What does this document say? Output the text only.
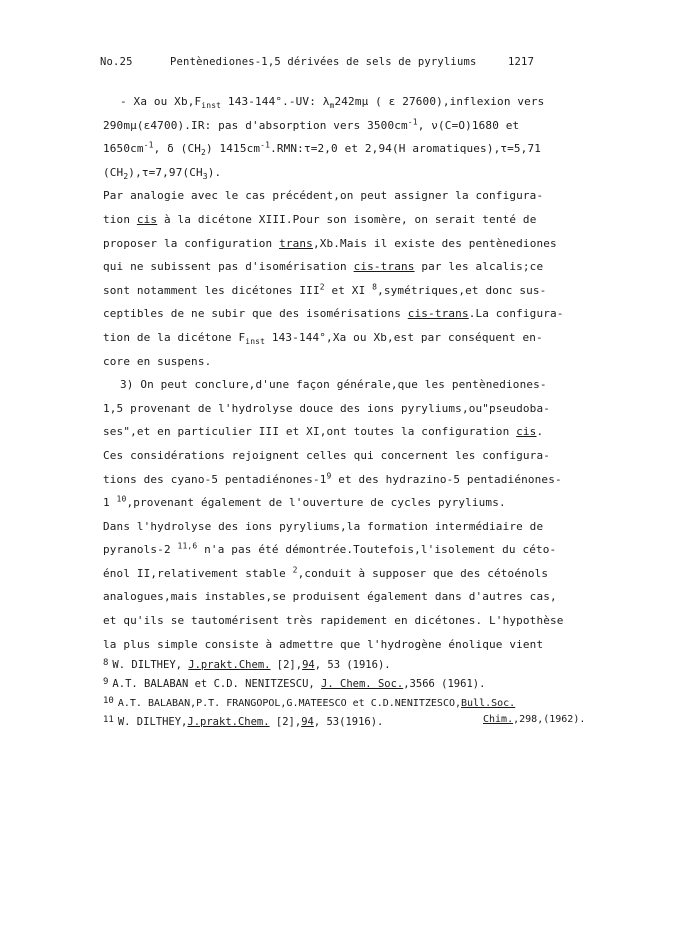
No.25	Pentènediones-1,5 dérivées de sels de pyryliums	1217
- Xa ou $Xb,F_{inst}$ 143-144°.-UV: $\lambda_m242m\mu$ ( ε 27600),inflexion vers
290mμ(ε4700).IR: pas d'absorption vers $3500cm^{-1}$, ν(C=O)1680 et
$1650cm^{-1}$, δ $(CH_2)$ $1415cm^{-1}.RMN:\tau=2,0$ et 2,94(H aromatiques),τ=5,71
$(CH_2),\tau=7,97(CH_3)$.
Par analogie avec le cas précédent,on peut assigner la configura-
tion cis à la dicétone XIII.Pour son isomère, on serait tenté de
proposer la configuration trans,Xb.Mais il existe des pentènediones
qui ne subissent pas d'isomérisation cis-trans par les alcalis;ce
sont notamment les dicétones III$^2$ et XI $^8$,symétriques,et donc sus-
ceptibles de ne subir que des isomérisations cis-trans.La configura-
tion de la dicétone $F_{inst}$ 143-144°,Xa ou Xb,est par conséquent en-
core en suspens.
3) On peut conclure,d'une façon générale,que les pentènediones-
1,5 provenant de l'hydrolyse douce des ions pyryliums,ou"pseudoba-
ses",et en particulier III et XI,ont toutes la configuration cis.
Ces considérations rejoignent celles qui concernent les configura-
tions des cyano-5 pentadiénones-$1^9$ et des hydrazino-5 pentadiénones-
1 $^{10}$,provenant également de l'ouverture de cycles pyryliums.
Dans l'hydrolyse des ions pyryliums,la formation intermédiaire de
pyranols-2 $^{11,6}$ n'a pas été démontrée.Toutefois,l'isolement du céto-
énol II,relativement stable $^2$,conduit à supposer que des cétoénols
analogues,mais instables,se produisent également dans d'autres cas,
et qu'ils se tautomérisent très rapidement en dicétones. L'hypothèse
la plus simple consiste à admettre que l'hydrogène énolique vient
8 W. DILTHEY, J.prakt.Chem. [2],94, 53 (1916).
9 A.T. BALABAN et C.D. NENITZESCU, J. Chem. Soc.,3566 (1961).
10 A.T. BALABAN,P.T. FRANGOPOL,G.MATEESCO et C.D.NENITZESCO,Bull.Soc.
Chim.,298,(1962).
11 W. DILTHEY,J.prakt.Chem. [2],94, 53(1916).
